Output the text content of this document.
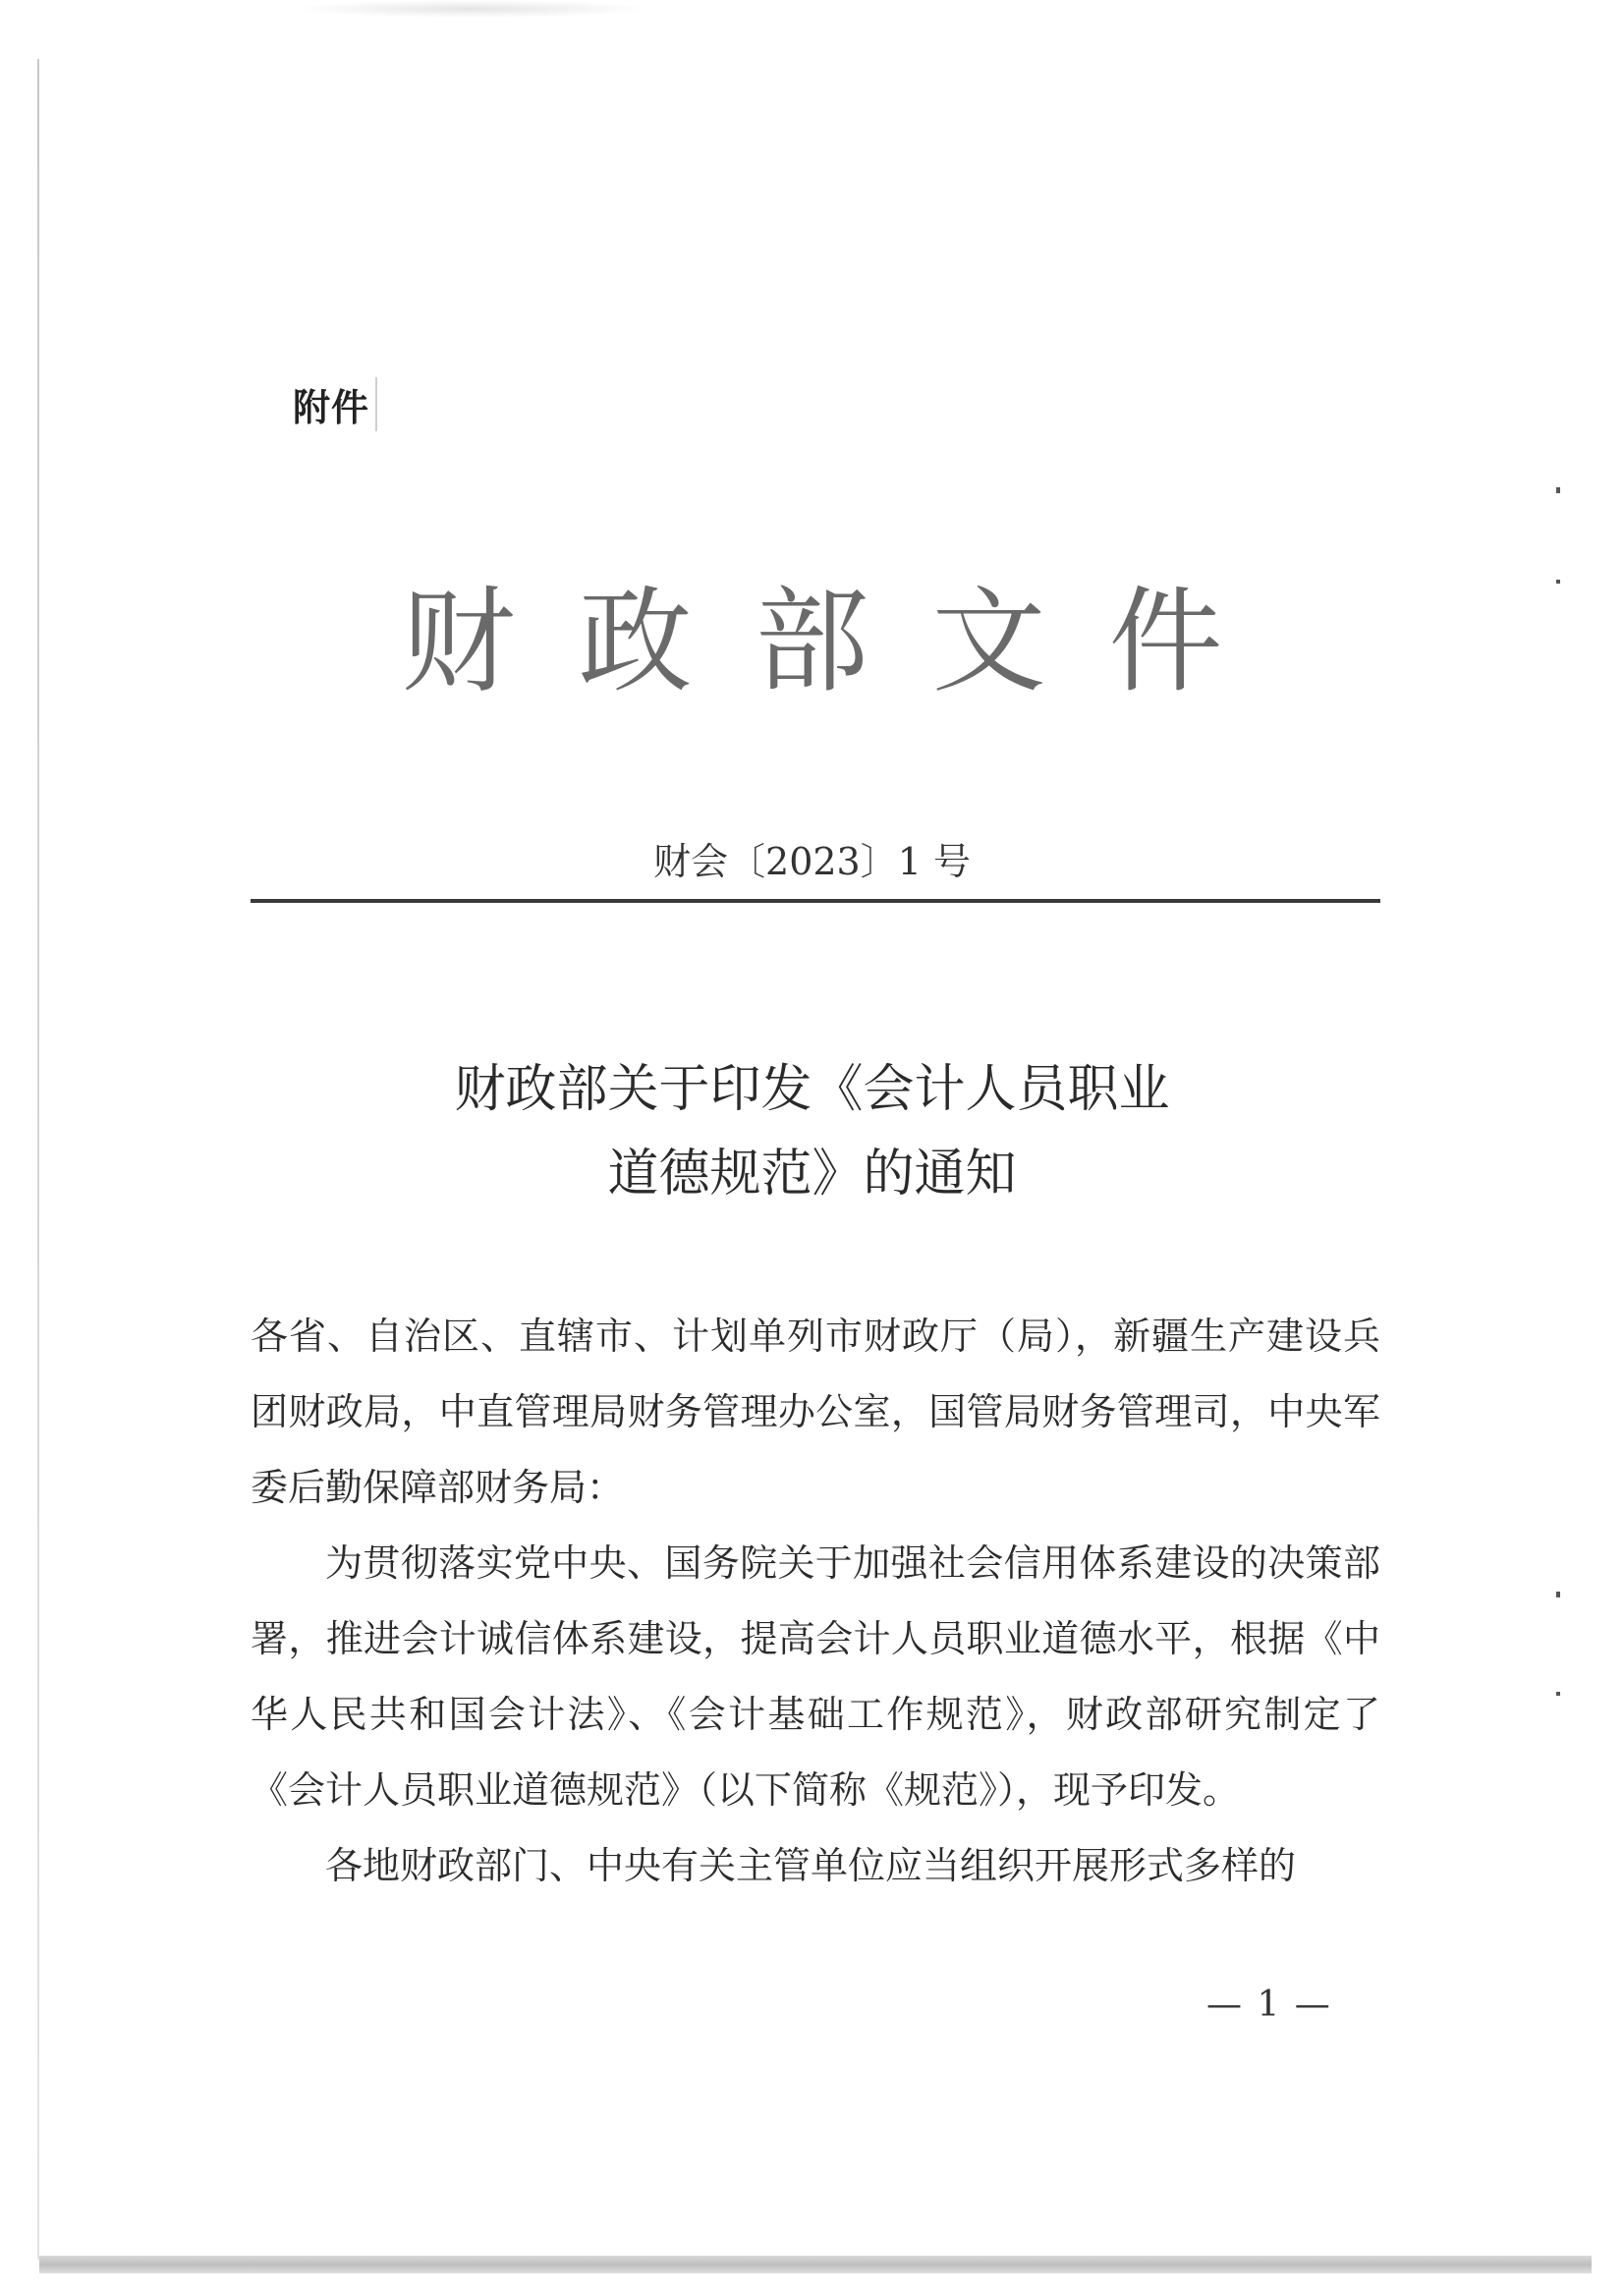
附件
财政部文件
财会〔2023〕1 号
财政部关于印发《会计人员职业
道德规范》的通知

各省、自治区、直辖市、计划单列市财政厅（局），新疆生产建设兵团财政局，中直管理局财务管理办公室，国管局财务管理司，中央军委后勤保障部财务局：

为贯彻落实党中央、国务院关于加强社会信用体系建设的决策部署，推进会计诚信体系建设，提高会计人员职业道德水平，根据《中华人民共和国会计法》、《会计基础工作规范》，财政部研究制定了《会计人员职业道德规范》（以下简称《规范》），现予印发。

各地财政部门、中央有关主管单位应当组织开展形式多样的

— 1 —
